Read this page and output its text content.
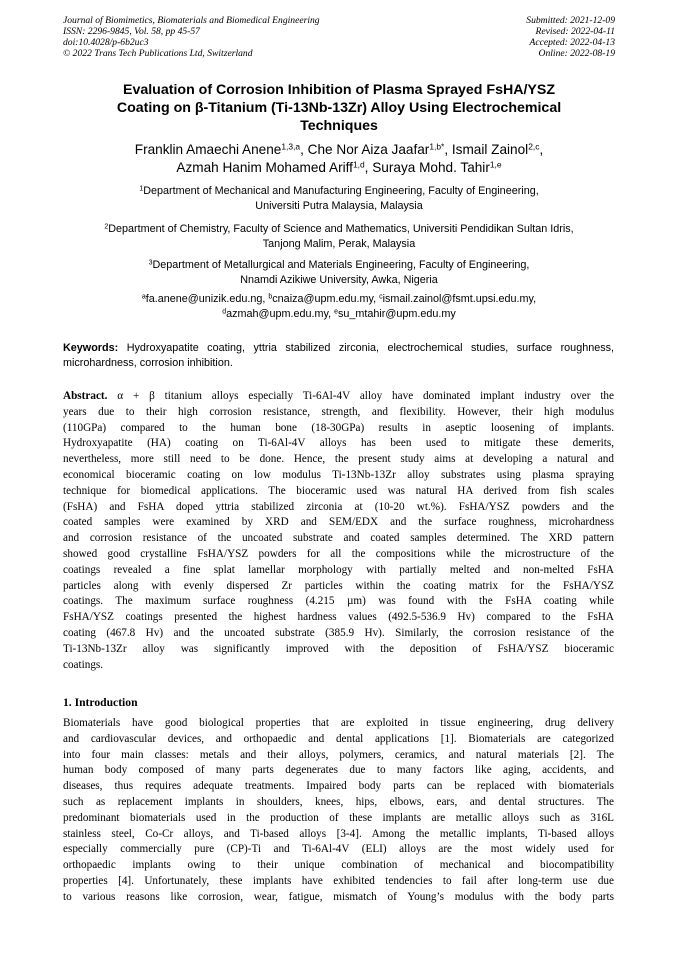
Journal of Biomimetics, Biomaterials and Biomedical Engineering
ISSN: 2296-9845, Vol. 58, pp 45-57
doi:10.4028/p-6b2uc3
© 2022 Trans Tech Publications Ltd, Switzerland
Submitted: 2021-12-09
Revised: 2022-04-11
Accepted: 2022-04-13
Online: 2022-08-19
Evaluation of Corrosion Inhibition of Plasma Sprayed FsHA/YSZ
Coating on β-Titanium (Ti-13Nb-13Zr) Alloy Using Electrochemical
Techniques
Franklin Amaechi Anene$^{1,3,a}$, Che Nor Aiza Jaafar$^{1,b*}$, Ismail Zainol$^{2,c}$,
Azmah Hanim Mohamed Ariff$^{1,d}$, Suraya Mohd. Tahir$^{1,e}$
$^1$Department of Mechanical and Manufacturing Engineering, Faculty of Engineering,
Universiti Putra Malaysia, Malaysia
$^2$Department of Chemistry, Faculty of Science and Mathematics, Universiti Pendidikan Sultan Idris,
Tanjong Malim, Perak, Malaysia
$^3$Department of Metallurgical and Materials Engineering, Faculty of Engineering,
Nnamdi Azikiwe University, Awka, Nigeria
$^a$fa.anene@unizik.edu.ng, $^b$cnaiza@upm.edu.my, $^c$ismail.zainol@fsmt.upsi.edu.my,
$^d$azmah@upm.edu.my, $^e$su_mtahir@upm.edu.my
Keywords: Hydroxyapatite coating, yttria stabilized zirconia, electrochemical studies, surface roughness, microhardness, corrosion inhibition.
Abstract. α + β titanium alloys especially Ti-6Al-4V alloy have dominated implant industry over the
years due to their high corrosion resistance, strength, and flexibility. However, their high modulus
(110GPa) compared to the human bone (18-30GPa) results in aseptic loosening of implants.
Hydroxyapatite (HA) coating on Ti-6Al-4V alloys has been used to mitigate these demerits,
nevertheless, more still need to be done. Hence, the present study aims at developing a natural and
economical bioceramic coating on low modulus Ti-13Nb-13Zr alloy substrates using plasma spraying
technique for biomedical applications. The bioceramic used was natural HA derived from fish scales
(FsHA) and FsHA doped yttria stabilized zirconia at (10-20 wt.%). FsHA/YSZ powders and the
coated samples were examined by XRD and SEM/EDX and the surface roughness, microhardness
and corrosion resistance of the uncoated substrate and coated samples determined. The XRD pattern
showed good crystalline FsHA/YSZ powders for all the compositions while the microstructure of the
coatings revealed a fine splat lamellar morphology with partially melted and non-melted FsHA
particles along with evenly dispersed Zr particles within the coating matrix for the FsHA/YSZ
coatings. The maximum surface roughness (4.215 µm) was found with the FsHA coating while
FsHA/YSZ coatings presented the highest hardness values (492.5-536.9 Hv) compared to the FsHA
coating (467.8 Hv) and the uncoated substrate (385.9 Hv). Similarly, the corrosion resistance of the
Ti-13Nb-13Zr alloy was significantly improved with the deposition of FsHA/YSZ bioceramic
coatings.
1. Introduction
Biomaterials have good biological properties that are exploited in tissue engineering, drug delivery
and cardiovascular devices, and orthopaedic and dental applications [1]. Biomaterials are categorized
into four main classes: metals and their alloys, polymers, ceramics, and natural materials [2]. The
human body composed of many parts degenerates due to many factors like aging, accidents, and
diseases, thus requires adequate treatments. Impaired body parts can be replaced with biomaterials
such as replacement implants in shoulders, knees, hips, elbows, ears, and dental structures. The
predominant biomaterials used in the production of these implants are metallic alloys such as 316L
stainless steel, Co-Cr alloys, and Ti-based alloys [3-4]. Among the metallic implants, Ti-based alloys
especially commercially pure (CP)-Ti and Ti-6Al-4V (ELI) alloys are the most widely used for
orthopaedic implants owing to their unique combination of mechanical and biocompatibility
properties [4]. Unfortunately, these implants have exhibited tendencies to fail after long-term use due
to various reasons like corrosion, wear, fatigue, mismatch of Young’s modulus with the body parts
